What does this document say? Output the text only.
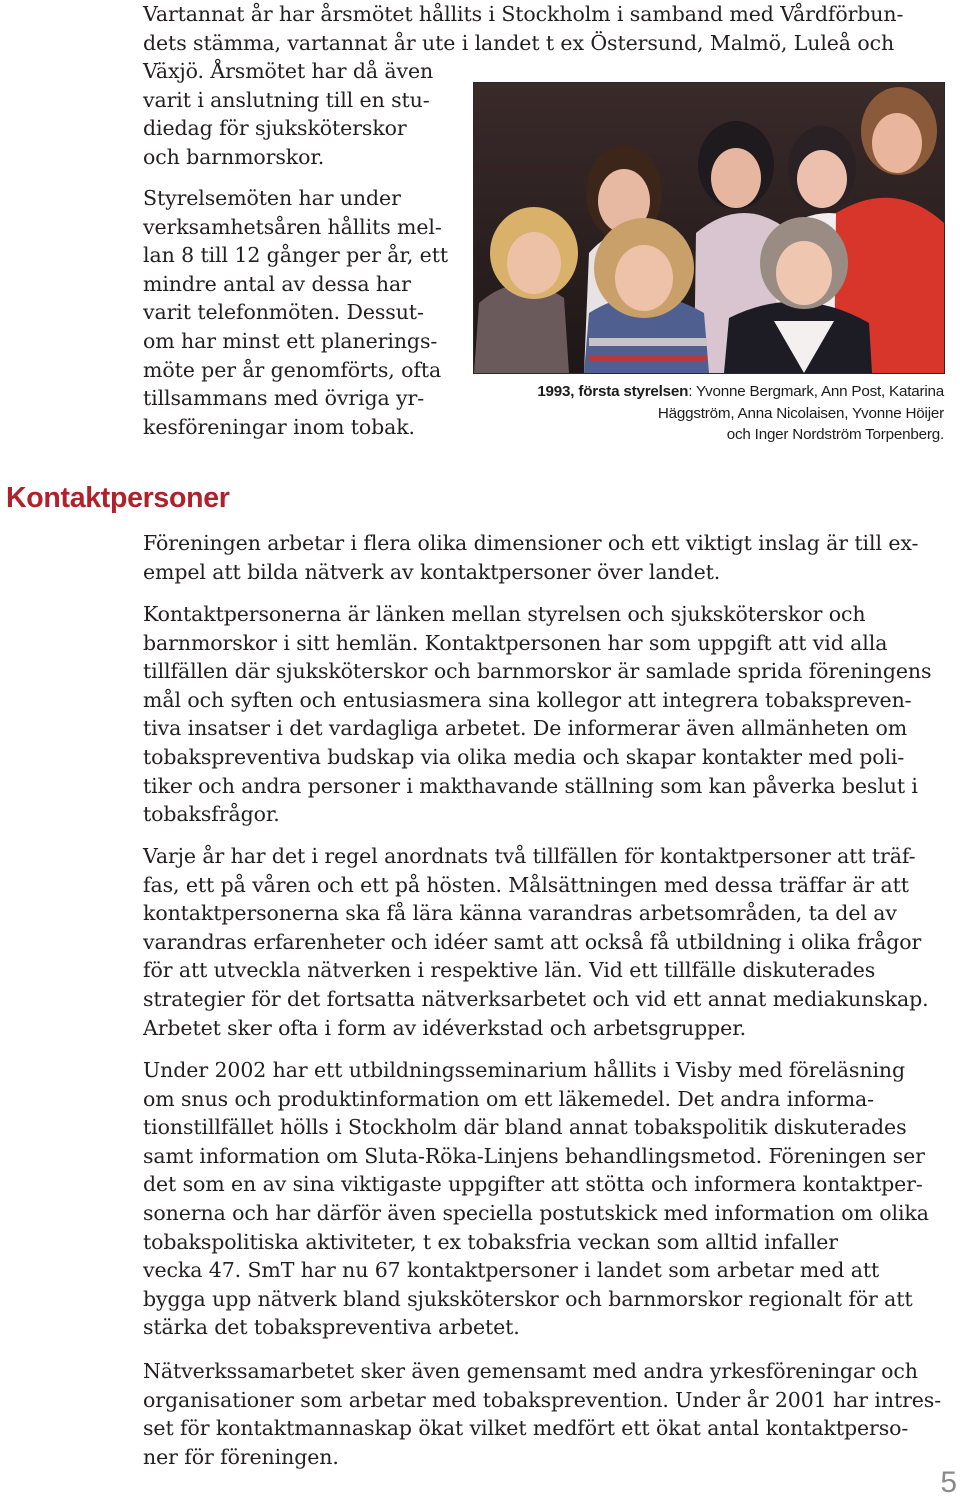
Vartannat år har årsmötet hållits i Stockholm i samband med Vårdförbun-
dets stämma, vartannat år ute i landet t ex Östersund, Malmö, Luleå och
Växjö. Årsmötet har då även
varit i anslutning till en stu-
diedag för sjuksköterskor
och barnmorskor.

Styrelsemöten har under
verksamhetsåren hållits mel-
lan 8 till 12 gånger per år, ett
mindre antal av dessa har
varit telefonmöten. Dessut-
om har minst ett planerings-
möte per år genomförts, ofta
tillsammans med övriga yr-
kesföreningar inom tobak.

1993, första styrelsen: Yvonne Bergmark, Ann Post, Katarina
Häggström, Anna Nicolaisen, Yvonne Höijer
och Inger Nordström Torpenberg.
Kontaktpersoner

Föreningen arbetar i flera olika dimensioner och ett viktigt inslag är till ex-
empel att bilda nätverk av kontaktpersoner över landet.

Kontaktpersonerna är länken mellan styrelsen och sjuksköterskor och
barnmorskor i sitt hemlän. Kontaktpersonen har som uppgift att vid alla
tillfällen där sjuksköterskor och barnmorskor är samlade sprida föreningens
mål och syften och entusiasmera sina kollegor att integrera tobakspreven-
tiva insatser i det vardagliga arbetet. De informerar även allmänheten om
tobakspreventiva budskap via olika media och skapar kontakter med poli-
tiker och andra personer i makthavande ställning som kan påverka beslut i
tobaksfrågor.

Varje år har det i regel anordnats två tillfällen för kontaktpersoner att träf-
fas, ett på våren och ett på hösten. Målsättningen med dessa träffar är att
kontaktpersonerna ska få lära känna varandras arbetsområden, ta del av
varandras erfarenheter och idéer samt att också få utbildning i olika frågor
för att utveckla nätverken i respektive län. Vid ett tillfälle diskuterades
strategier för det fortsatta nätverksarbetet och vid ett annat mediakunskap.
Arbetet sker ofta i form av idéverkstad och arbetsgrupper.

Under 2002 har ett utbildningsseminarium hållits i Visby med föreläsning
om snus och produktinformation om ett läkemedel. Det andra informa-
tionstillfället hölls i Stockholm där bland annat tobakspolitik diskuterades
samt information om Sluta-Röka-Linjens behandlingsmetod. Föreningen ser
det som en av sina viktigaste uppgifter att stötta och informera kontaktper-
sonerna och har därför även speciella postutskick med information om olika
tobakspolitiska aktiviteter, t ex tobaksfria veckan som alltid infaller
vecka 47. SmT har nu 67 kontaktpersoner i landet som arbetar med att
bygga upp nätverk bland sjuksköterskor och barnmorskor regionalt för att
stärka det tobakspreventiva arbetet.

Nätverkssamarbetet sker även gemensamt med andra yrkesföreningar och
organisationer som arbetar med tobaksprevention. Under år 2001 har intres-
set för kontaktmannaskap ökat vilket medfört ett ökat antal kontaktperso-
ner för föreningen.

5
